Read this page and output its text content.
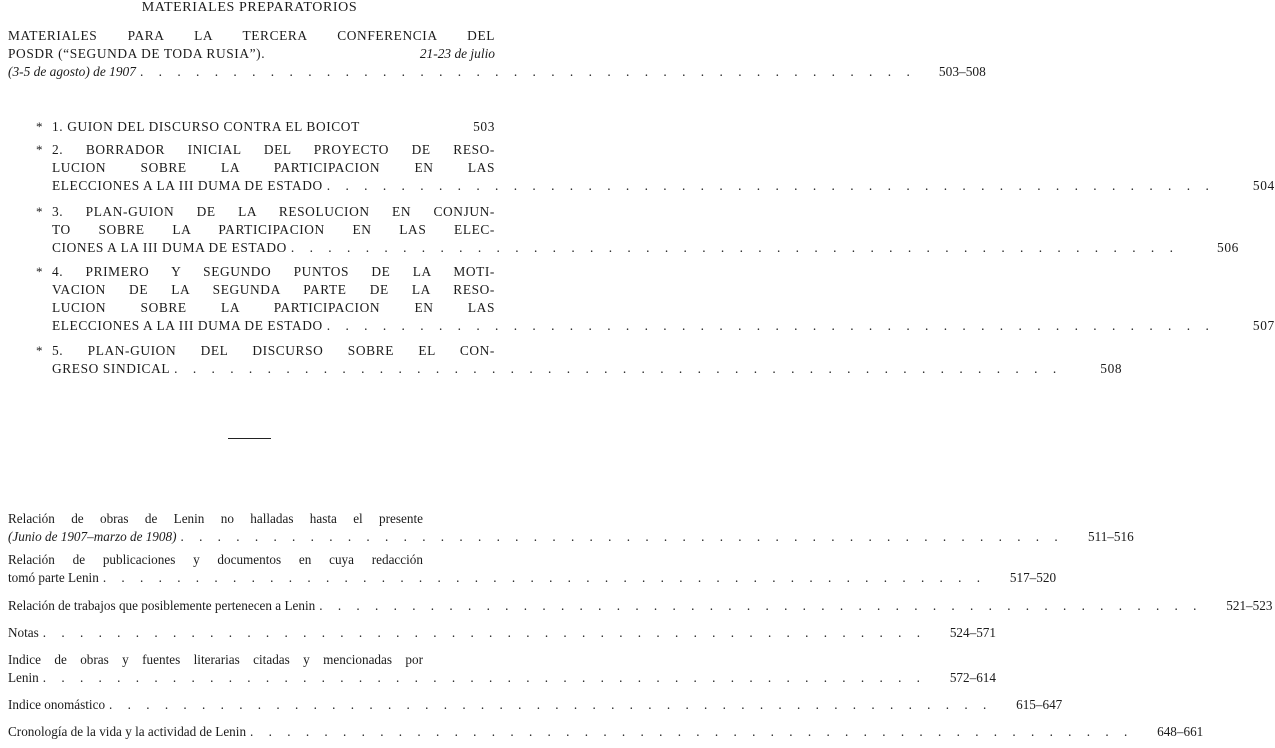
MATERIALES PREPARATORIOS
MATERIALES PARA LA TERCERA CONFERENCIA DEL
POSDR (“SEGUNDA DE TODA RUSIA”).	21-23 de julio
(3-5 de agosto) de 1907 . . . . . . . . . . . . . . . . . . . . . . . . . . . . . . . . . . . . . . . . . .	503–508
* 1. GUION DEL DISCURSO CONTRA EL BOICOT	503
* 2. BORRADOR INICIAL DEL PROYECTO DE RESO-
LUCION SOBRE LA PARTICIPACION EN LAS
ELECCIONES A LA III DUMA DE ESTADO . . . . . . . . . . . . . . . . . . . . . . . . . . . . . . . . . . . . . . . . . . . . . . . .	504
* 3. PLAN-GUION DE LA RESOLUCION EN CONJUN-
TO SOBRE LA PARTICIPACION EN LAS ELEC-
CIONES A LA III DUMA DE ESTADO . . . . . . . . . . . . . . . . . . . . . . . . . . . . . . . . . . . . . . . . . . . . . . . .	506
* 4. PRIMERO Y SEGUNDO PUNTOS DE LA MOTI-
VACION DE LA SEGUNDA PARTE DE LA RESO-
LUCION SOBRE LA PARTICIPACION EN LAS
ELECCIONES A LA III DUMA DE ESTADO . . . . . . . . . . . . . . . . . . . . . . . . . . . . . . . . . . . . . . . . . . . . . . . .	507
* 5. PLAN-GUION DEL DISCURSO SOBRE EL CON-
GRESO SINDICAL . . . . . . . . . . . . . . . . . . . . . . . . . . . . . . . . . . . . . . . . . . . . . . . .	508
Relación de obras de Lenin no halladas hasta el presente
(Junio de 1907–marzo de 1908) . . . . . . . . . . . . . . . . . . . . . . . . . . . . . . . . . . . . . . . . . . . . . . . .	511–516
Relación de publicaciones y documentos en cuya redacción
tomó parte Lenin . . . . . . . . . . . . . . . . . . . . . . . . . . . . . . . . . . . . . . . . . . . . . . . .	517–520
Relación de trabajos que posiblemente pertenecen a Lenin . . . . . . . . . . . . . . . . . . . . . . . . . . . . . . . . . . . . . . . . . . . . . . . .	521–523
Notas . . . . . . . . . . . . . . . . . . . . . . . . . . . . . . . . . . . . . . . . . . . . . . . .	524–571
Indice de obras y fuentes literarias citadas y mencionadas por
Lenin . . . . . . . . . . . . . . . . . . . . . . . . . . . . . . . . . . . . . . . . . . . . . . . .	572–614
Indice onomástico . . . . . . . . . . . . . . . . . . . . . . . . . . . . . . . . . . . . . . . . . . . . . . . .	615–647
Cronología de la vida y la actividad de Lenin . . . . . . . . . . . . . . . . . . . . . . . . . . . . . . . . . . . . . . . . . . . . . . . .	648–661
